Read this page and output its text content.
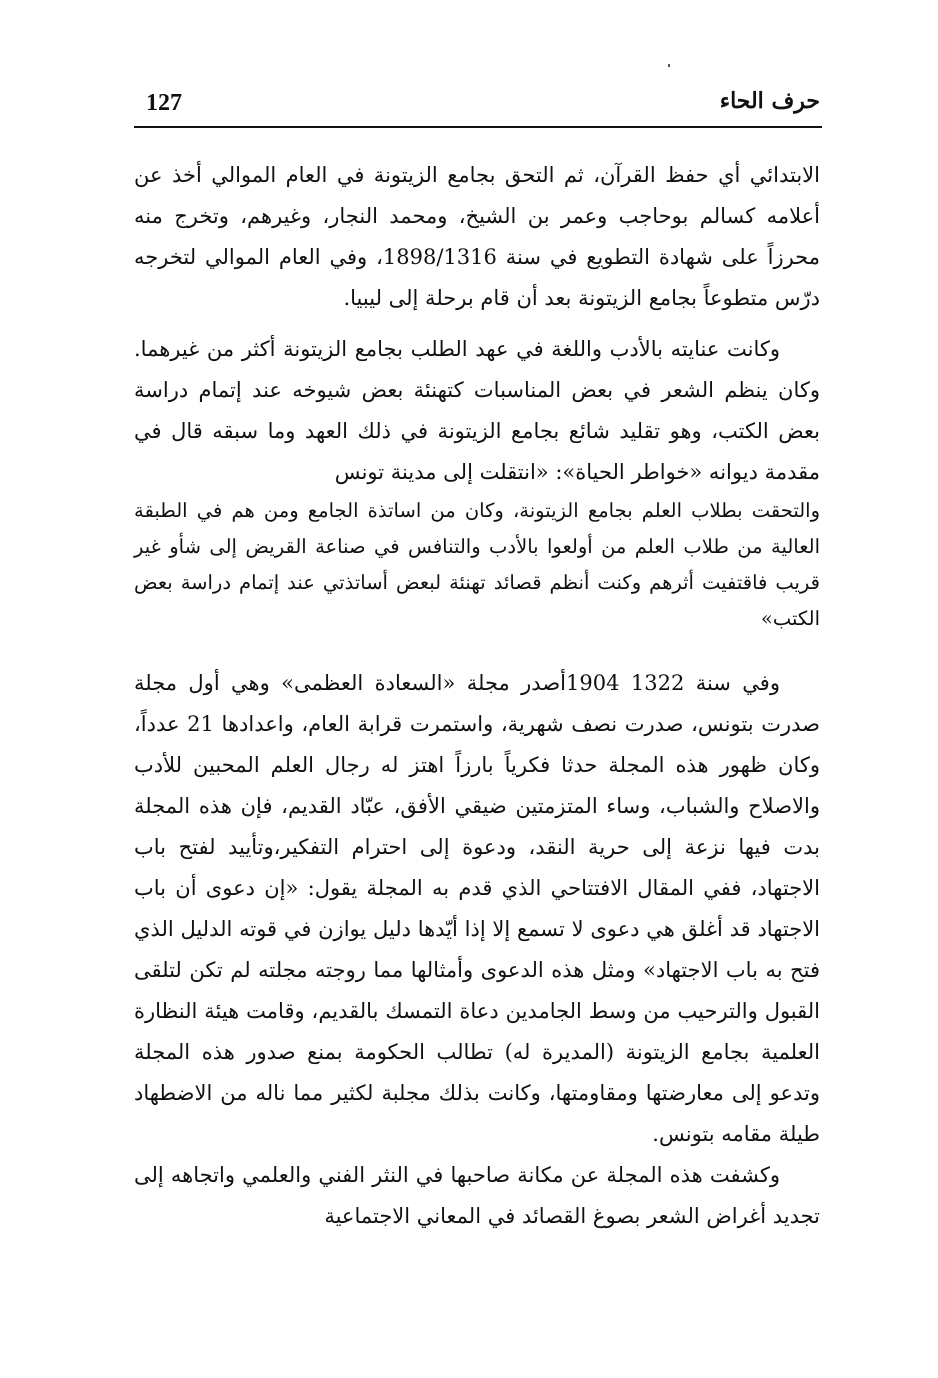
127	حرف الحاء

الابتدائي أي حفظ القرآن، ثم التحق بجامع الزيتونة في العام الموالي أخذ عن أعلامه كسالم بوحاجب وعمر بن الشيخ، ومحمد النجار، وغيرهم، وتخرج منه محرزاً على شهادة التطويع في سنة 1898/1316، وفي العام الموالي لتخرجه درّس متطوعاً بجامع الزيتونة بعد أن قام برحلة إلى ليبيا.

وكانت عنايته بالأدب واللغة في عهد الطلب بجامع الزيتونة أكثر من غيرهما. وكان ينظم الشعر في بعض المناسبات كتهنئة بعض شيوخه عند إتمام دراسة بعض الكتب، وهو تقليد شائع بجامع الزيتونة في ذلك العهد وما سبقه قال في مقدمة ديوانه «خواطر الحياة»: «انتقلت إلى مدينة تونس

والتحقت بطلاب العلم بجامع الزيتونة، وكان من اساتذة الجامع ومن هم في الطبقة العالية من طلاب العلم من أولعوا بالأدب والتنافس في صناعة القريض إلى شأو غير قريب فاقتفيت أثرهم وكنت أنظم قصائد تهنئة لبعض أساتذتي عند إتمام دراسة بعض الكتب»

وفي سنة 1322 1904أصدر مجلة «السعادة العظمى» وهي أول مجلة صدرت بتونس، صدرت نصف شهرية، واستمرت قرابة العام، واعدادها 21 عدداً، وكان ظهور هذه المجلة حدثا فكرياً بارزاً اهتز له رجال العلم المحبين للأدب والاصلاح والشباب، وساء المتزمتين ضيقي الأفق، عبّاد القديم، فإن هذه المجلة بدت فيها نزعة إلى حرية النقد، ودعوة إلى احترام التفكير،وتأييد لفتح باب الاجتهاد، ففي المقال الافتتاحي الذي قدم به المجلة يقول: «إن دعوى أن باب الاجتهاد قد أغلق هي دعوى لا تسمع إلا إذا أيّدها دليل يوازن في قوته الدليل الذي فتح به باب الاجتهاد» ومثل هذه الدعوى وأمثالها مما روجته مجلته لم تكن لتلقى القبول والترحيب من وسط الجامدين دعاة التمسك بالقديم، وقامت هيئة النظارة العلمية بجامع الزيتونة (المديرة له) تطالب الحكومة بمنع صدور هذه المجلة وتدعو إلى معارضتها ومقاومتها، وكانت بذلك مجلبة لكثير مما ناله من الاضطهاد طيلة مقامه بتونس.

وكشفت هذه المجلة عن مكانة صاحبها في النثر الفني والعلمي واتجاهه إلى تجديد أغراض الشعر بصوغ القصائد في المعاني الاجتماعية
